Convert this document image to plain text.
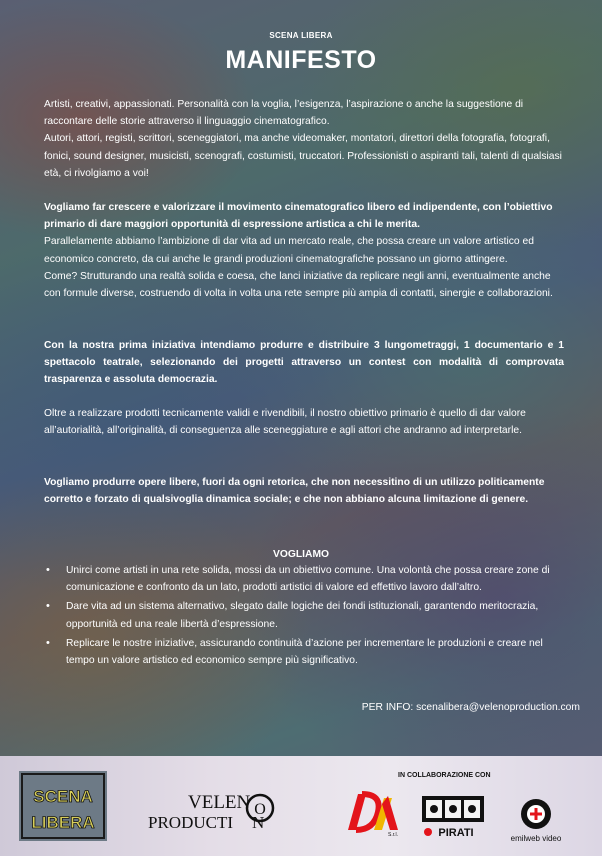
SCENA LIBERA
MANIFESTO

Artisti, creativi, appassionati. Personalità con la voglia, l’esigenza, l’aspirazione o anche la suggestione di raccontare delle storie attraverso il linguaggio cinematografico.

Autori, attori, registi, scrittori, sceneggiatori, ma anche videomaker, montatori, direttori della fotografia, fotografi, fonici, sound designer, musicisti, scenografi, costumisti, truccatori. Professionisti o aspiranti tali, talenti di qualsiasi età, ci rivolgiamo a voi!

Vogliamo far crescere e valorizzare il movimento cinematografico libero ed indipendente, con l’obiettivo primario di dare maggiori opportunità di espressione artistica a chi le merita.

Parallelamente abbiamo l’ambizione di dar vita ad un mercato reale, che possa creare un valore artistico ed economico concreto, da cui anche le grandi produzioni cinematografiche possano un giorno attingere.

Come? Strutturando una realtà solida e coesa, che lanci iniziative da replicare negli anni, eventualmente anche con formule diverse, costruendo di volta in volta una rete sempre più ampia di contatti, sinergie e collaborazioni.

Con la nostra prima iniziativa intendiamo produrre e distribuire 3 lungometraggi, 1 documentario e 1 spettacolo teatrale, selezionando dei progetti attraverso un contest con modalità di comprovata trasparenza e assoluta democrazia.

Oltre a realizzare prodotti tecnicamente validi e rivendibili, il nostro obiettivo primario è quello di dar valore all’autorialità, all’originalità, di conseguenza alle sceneggiature e agli attori che andranno ad interpretarle.

Vogliamo produrre opere libere, fuori da ogni retorica, che non necessitino di un utilizzo politicamente corretto e forzato di qualsivoglia dinamica sociale; e che non abbiano alcuna limitazione di genere.

VOGLIAMO
• Unirci come artisti in una rete solida, mossi da un obiettivo comune. Una volontà che possa creare zone di comunicazione e confronto da un lato, prodotti artistici di valore ed effettivo lavoro dall’altro.
• Dare vita ad un sistema alternativo, slegato dalle logiche dei fondi istituzionali, garantendo meritocrazia, opportunità ed una reale libertà d’espressione.
• Replicare le nostre iniziative, assicurando continuità d’azione per incrementare le produzioni e creare nel tempo un valore artistico ed economico sempre più significativo.
PER INFO: scenalibera@velenoproduction.com
IN COLLABORAZIONE CON
SCENA
LIBERA
VELEN O
PRODUCTI N
S.r.l.	PIRATI	emilweb video
